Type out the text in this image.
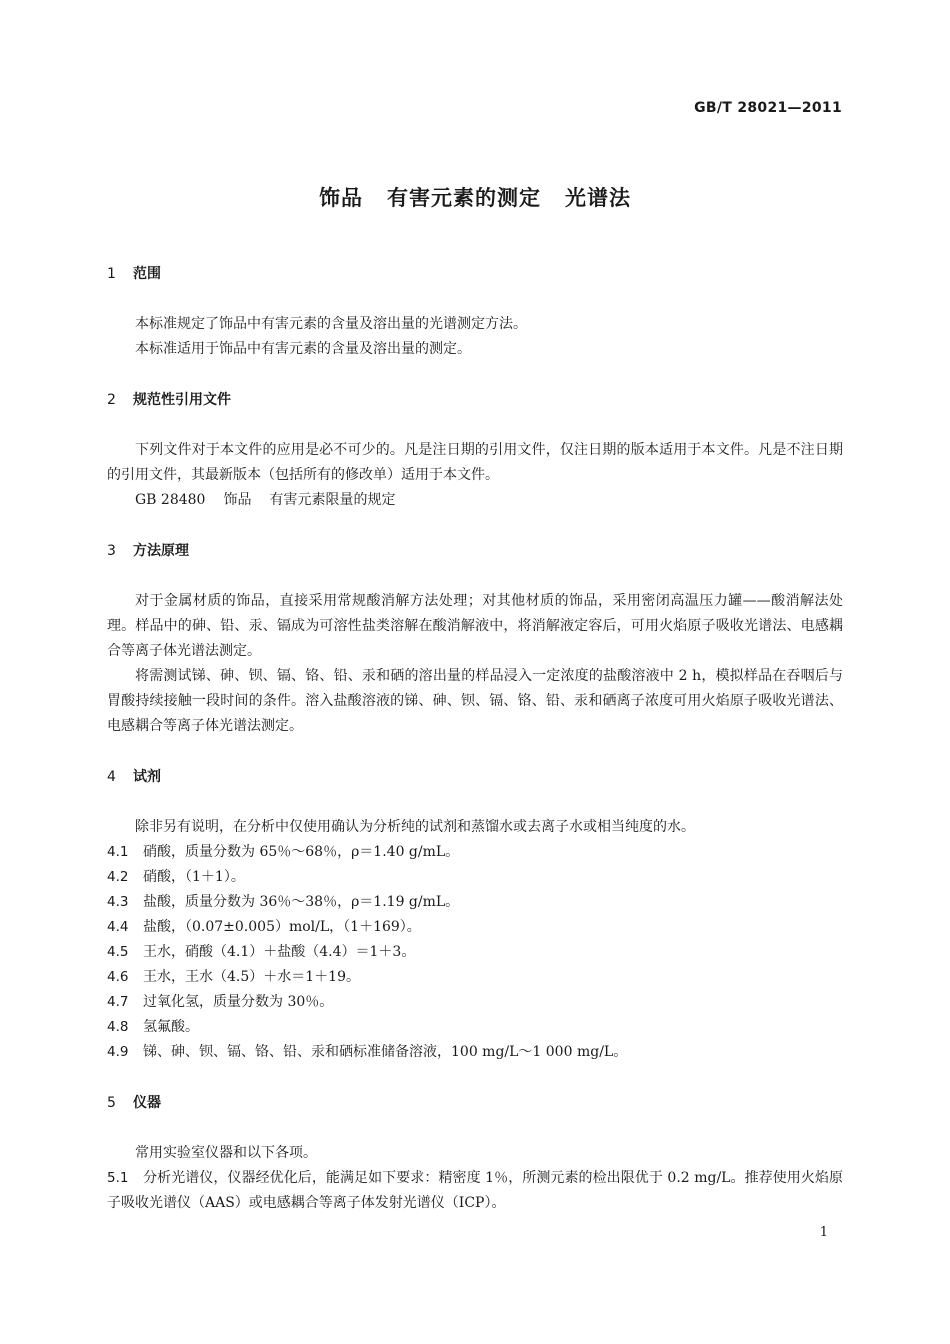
GB/T 28021—2011
饰品 有害元素的测定 光谱法
1 范围

本标准规定了饰品中有害元素的含量及溶出量的光谱测定方法。

本标准适用于饰品中有害元素的含量及溶出量的测定。

2 规范性引用文件

下列文件对于本文件的应用是必不可少的。凡是注日期的引用文件，仅注日期的版本适用于本文件。凡是不注日期的引用文件，其最新版本（包括所有的修改单）适用于本文件。

GB 28480 饰品 有害元素限量的规定

3 方法原理

对于金属材质的饰品，直接采用常规酸消解方法处理；对其他材质的饰品，采用密闭高温压力罐——酸消解法处理。样品中的砷、铅、汞、镉成为可溶性盐类溶解在酸消解液中，将消解液定容后，可用火焰原子吸收光谱法、电感耦合等离子体光谱法测定。

将需测试锑、砷、钡、镉、铬、铅、汞和硒的溶出量的样品浸入一定浓度的盐酸溶液中 2 h，模拟样品在吞咽后与胃酸持续接触一段时间的条件。溶入盐酸溶液的锑、砷、钡、镉、铬、铅、汞和硒离子浓度可用火焰原子吸收光谱法、电感耦合等离子体光谱法测定。

4 试剂

除非另有说明，在分析中仅使用确认为分析纯的试剂和蒸馏水或去离子水或相当纯度的水。

4.1 硝酸，质量分数为 65％～68％，ρ＝1.40 g/mL。

4.2 硝酸，（1＋1）。

4.3 盐酸，质量分数为 36％～38％，ρ＝1.19 g/mL。

4.4 盐酸，（0.07±0.005）mol/L，（1＋169）。

4.5 王水，硝酸（4.1）＋盐酸（4.4）＝1＋3。

4.6 王水，王水（4.5）＋水＝1＋19。

4.7 过氧化氢，质量分数为 30％。

4.8 氢氟酸。

4.9 锑、砷、钡、镉、铬、铅、汞和硒标准储备溶液，100 mg/L～1 000 mg/L。

5 仪器

常用实验室仪器和以下各项。

5.1 分析光谱仪，仪器经优化后，能满足如下要求：精密度 1％，所测元素的检出限优于 0.2 mg/L。推荐使用火焰原子吸收光谱仪（AAS）或电感耦合等离子体发射光谱仪（ICP）。

1
